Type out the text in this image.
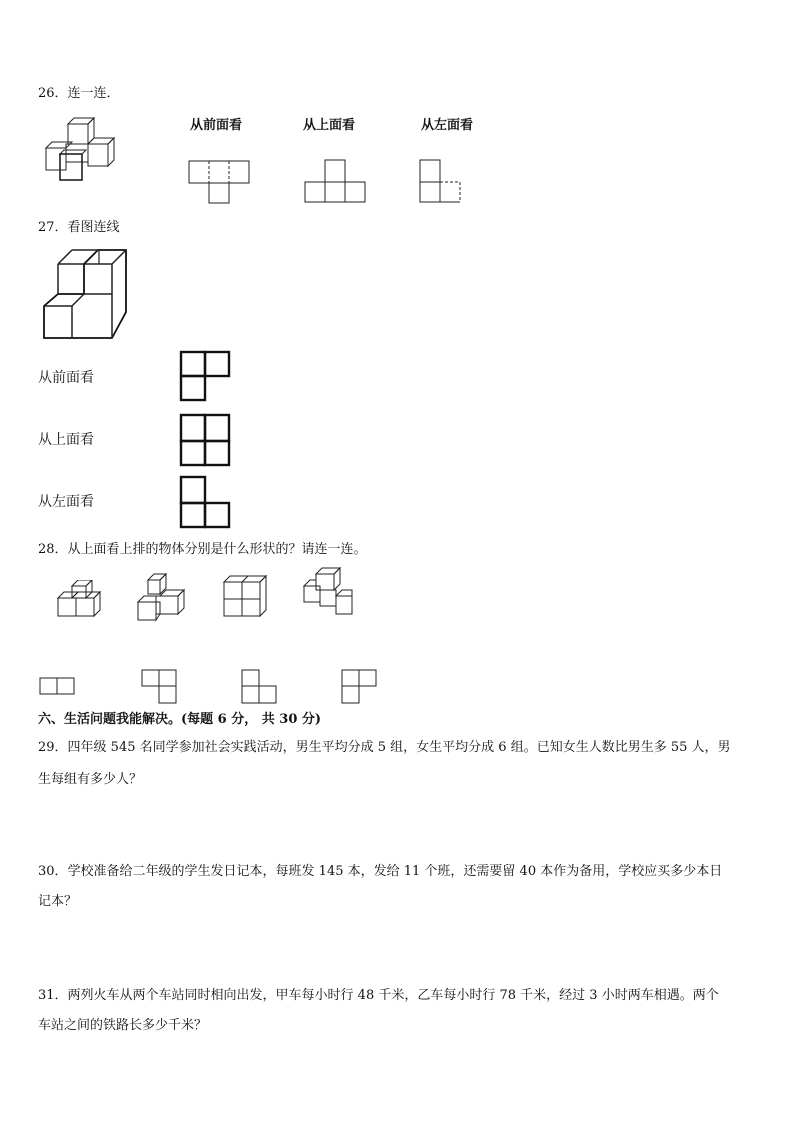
26．连一连．
从前面看	从上面看	从左面看
27．看图连线
从前面看
从上面看
从左面看
28．从上面看上排的物体分别是什么形状的？请连一连。
六、生活问题我能解决。(每题 6 分， 共 30 分)
29．四年级 545 名同学参加社会实践活动，男生平均分成 5 组，女生平均分成 6 组。已知女生人数比男生多 55 人，男
生每组有多少人？
30．学校准备给二年级的学生发日记本，每班发 145 本，发给 11 个班，还需要留 40 本作为备用，学校应买多少本日
记本？
31．两列火车从两个车站同时相向出发，甲车每小时行 48 千米，乙车每小时行 78 千米，经过 3 小时两车相遇。两个
车站之间的铁路长多少千米？
